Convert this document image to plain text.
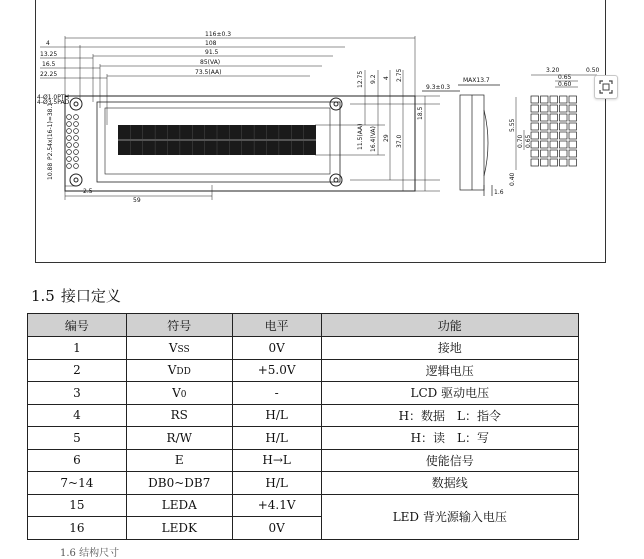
116±0.3
108
91.5
85(VA)
73.5(AA)
4
13.25
16.5
22.25
4-Ø1.0PTH
4-Ø3.5PAD
P2.54x(16-1)=38.1
10.88
2.5
59
12.75 9.2 4 2.75
11.5(AA) 16.4(VA) 29 37.0
18.5
MAX13.7
9.3±0.3
1.6
3.20	0.50
0.65
0.60
5.55
0.70 0.65
0.40
1.5 接口定义
编号	符号	电平	功能
1	VSS	0V	接地
2	VDD	+5.0V	逻辑电压
3	V0	-	LCD 驱动电压
4	RS	H/L	H：数据　L：指令
5	R/W	H/L	H：读　L：写
6	E	H→L	使能信号
7~14	DB0~DB7	H/L	数据线
15	LEDA	+4.1V	LED 背光源输入电压
16	LEDK	0V	
1.6 结构尺寸
